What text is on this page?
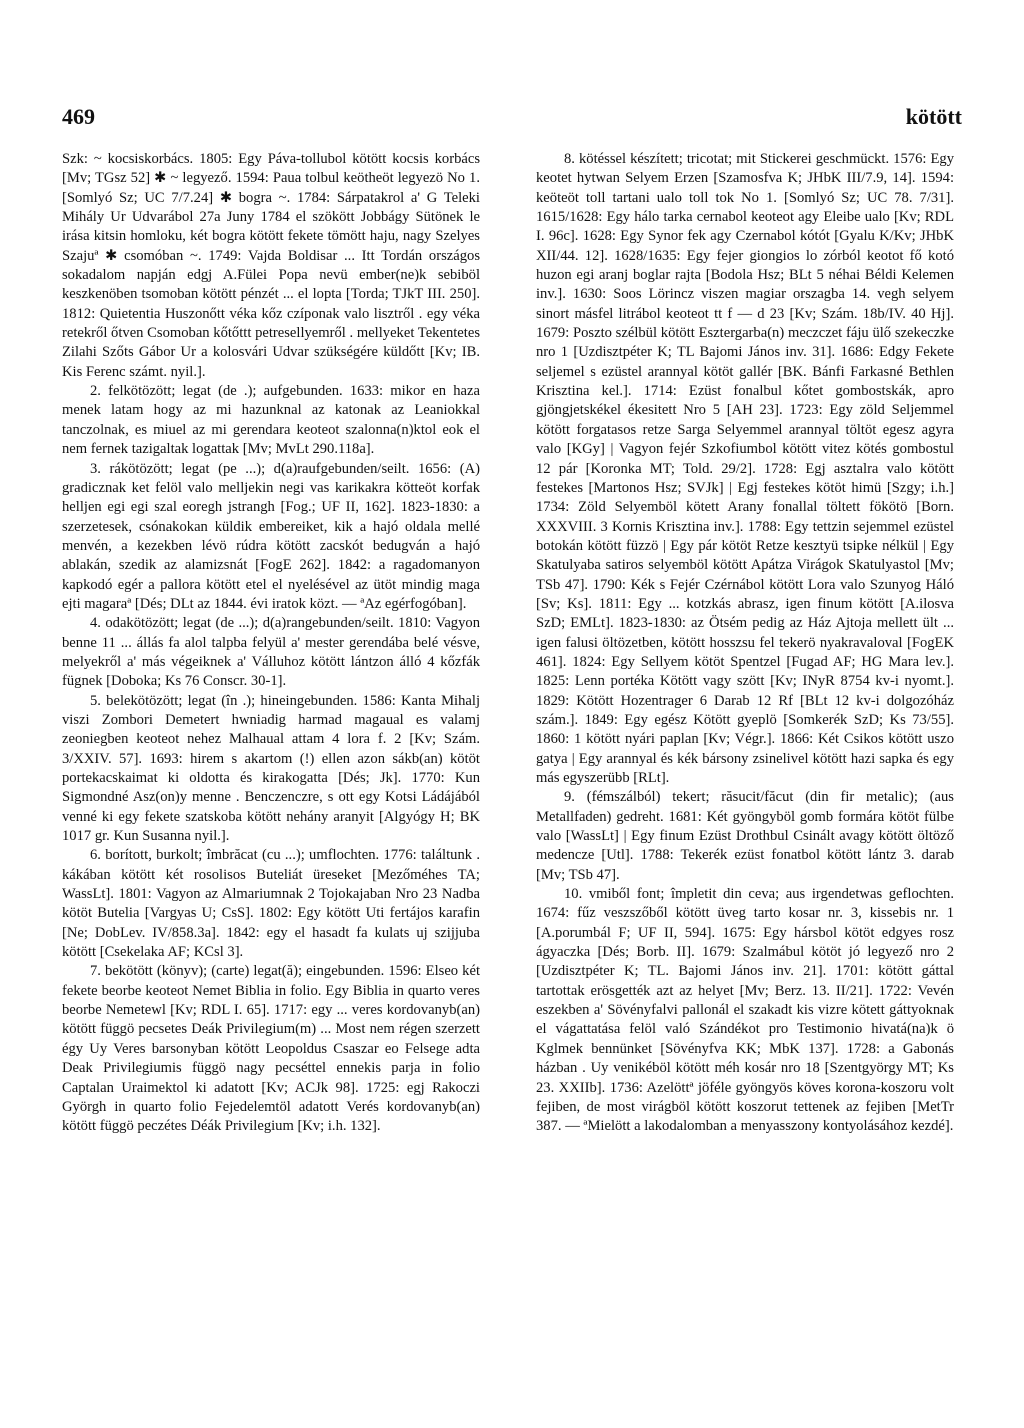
469	kötött

Szk: ~ kocsiskorbács. 1805: Egy Páva-tollubol kötött kocsis korbács [Mv; TGsz 52] ✱ ~ legyező. 1594: Paua tolbul keötheöt legyezö No 1. [Somlyó Sz; UC 7/7.24] ✱ bogra ~. 1784: Sárpatakrol a' G Teleki Mihály Ur Udvarábol 27a Juny 1784 el szökött Jobbágy Sütönek le irása kitsin homloku, két bogra kötött fekete tömött haju, nagy Szelyes Szajuª ✱ csomóban ~. 1749: Vajda Boldisar ... Itt Tordán országos sokadalom napján edgj A.Fülei Popa nevü ember(ne)k sebiböl keszkenöben tsomoban kötött pénzét ... el lopta [Torda; TJkT III. 250]. 1812: Quietentia Huszonőtt véka kőz czíponak valo lisztről . egy véka retekről őtven Csomoban kőtőttt petresellyemről . mellyeket Tekentetes Zilahi Szőts Gábor Ur a kolosvári Udvar szükségére küldőtt [Kv; IB. Kis Ferenc számt. nyil.].

2. felkötözött; legat (de .); aufgebunden. 1633: mikor en haza menek latam hogy az mi hazunknal az katonak az Leaniokkal tanczolnak, es miuel az mi gerendara keoteot szalonna(n)ktol eok el nem fernek tazigaltak logattak [Mv; MvLt 290.118a].

3. rákötözött; legat (pe ...); d(a)raufgebunden/seilt. 1656: (A) gradicznak ket felöl valo melljekin negi vas karikakra kötteöt korfak helljen egi egi szal eoregh jstrangh [Fog.; UF II, 162]. 1823-1830: a szerzetesek, csónakokan küldik embereiket, kik a hajó oldala mellé menvén, a kezekben lévö rúdra kötött zacskót bedugván a hajó ablakán, szedik az alamizsnát [FogE 262]. 1842: a ragadomanyon kapkodó egér a pallora kötött etel el nyelésével az ütöt mindig maga ejti magaraª [Dés; DLt az 1844. évi iratok közt. — ªAz egérfogóban].

4. odakötözött; legat (de ...); d(a)rangebunden/seilt. 1810: Vagyon benne 11 ... állás fa alol talpba felyül a' mester gerendába belé vésve, melyekről a' más végeiknek a' Válluhoz kötött lántzon álló 4 kőzfák fügnek [Doboka; Ks 76 Conscr. 30-1].

5. belekötözött; legat (în .); hineingebunden. 1586: Kanta Mihalj viszi Zombori Demetert hwniadig harmad magaual es valamj zeoniegben keoteot nehez Malhaual attam 4 lora f. 2 [Kv; Szám. 3/XXIV. 57]. 1693: hirem s akartom (!) ellen azon sákb(an) kötöt portekacskaimat ki oldotta és kirakogatta [Dés; Jk]. 1770: Kun Sigmondné Asz(on)y menne . Benczenczre, s ott egy Kotsi Ládájából venné ki egy fekete szatskoba kötött nehány aranyit [Algyógy H; BK 1017 gr. Kun Susanna nyil.].

6. borított, burkolt; îmbrăcat (cu ...); umflochten. 1776: találtunk . kákában kötött két rosolisos Buteliát üreseket [Mezőméhes TA; WassLt]. 1801: Vagyon az Almariumnak 2 Tojokajaban Nro 23 Nadba kötöt Butelia [Vargyas U; CsS]. 1802: Egy kötött Uti fertájos karafin [Ne; DobLev. IV/858.3a]. 1842: egy el hasadt fa kulats uj szijjuba kötött [Csekelaka AF; KCsl 3].

7. bekötött (könyv); (carte) legat(ă); eingebunden. 1596: Elseo két fekete beorbe keoteot Nemet Biblia in folio. Egy Biblia in quarto veres beorbe Nemetewl [Kv; RDL I. 65]. 1717: egy ... veres kordovanyb(an) kötött függö pecsetes Deák Privilegium(m) ... Most nem régen szerzett égy Uy Veres barsonyban kötött Leopoldus Csaszar eo Felsege adta Deak Privilegiumis függö nagy pecséttel ennekis parja in folio Captalan Uraimektol ki adatott [Kv; ACJk 98]. 1725: egj Rakoczi Györgh in quarto folio Fejedelemtöl adatott Verés kordovanyb(an) kötött függö peczétes Déák Privilegium [Kv; i.h. 132].

8. kötéssel készített; tricotat; mit Stickerei geschmückt. 1576: Egy keotet hytwan Selyem Erzen [Szamosfva K; JHbK III/7.9, 14]. 1594: keöteöt toll tartani ualo toll tok No 1. [Somlyó Sz; UC 78. 7/31]. 1615/1628: Egy hálo tarka cernabol keoteot agy Eleibe ualo [Kv; RDL I. 96c]. 1628: Egy Synor fek agy Czernabol kótót [Gyalu K/Kv; JHbK XII/44. 12]. 1628/1635: Egy fejer giongios lo zórból keotot fő kotó huzon egi aranj boglar rajta [Bodola Hsz; BLt 5 néhai Béldi Kelemen inv.]. 1630: Soos Lörincz viszen magiar orszagba 14. vegh selyem sinort másfel litrábol keoteot tt f — d 23 [Kv; Szám. 18b/IV. 40 Hj]. 1679: Poszto szélbül kötött Esztergarba(n) meczczet fáju ülő szekeczke nro 1 [Uzdisztpéter K; TL Bajomi János inv. 31]. 1686: Edgy Fekete seljemel s ezüstel arannyal kötöt gallér [BK. Bánfi Farkasné Bethlen Krisztina kel.]. 1714: Ezüst fonalbul kőtet gombostskák, apro gjöngjetskékel ékesitett Nro 5 [AH 23]. 1723: Egy zöld Seljemmel kötött forgatasos retze Sarga Selyemmel arannyal töltöt egesz agyra valo [KGy] | Vagyon fejér Szkofiumbol kötött vitez kötés gombostul 12 pár [Koronka MT; Told. 29/2]. 1728: Egj asztalra valo kötött festekes [Martonos Hsz; SVJk] | Egj festekes kötöt himü [Szgy; i.h.] 1734: Zöld Selyemböl kötett Arany fonallal töltett fökötö [Born. XXXVIII. 3 Kornis Krisztina inv.]. 1788: Egy tettzin sejemmel ezüstel botokán kötött füzzö | Egy pár kötöt Retze kesztyü tsipke nélkül | Egy Skatulyaba satiros selyemböl kötött Apátza Virágok Skatulyastol [Mv; TSb 47]. 1790: Kék s Fejér Czérnábol kötött Lora valo Szunyog Háló [Sv; Ks]. 1811: Egy ... kotzkás abrasz, igen finum kötött [A.ilosva SzD; EMLt]. 1823-1830: az Ötsém pedig az Ház Ajtoja mellett ült ... igen falusi öltözetben, kötött hosszsu fel tekerö nyakravaloval [FogEK 461]. 1824: Egy Sellyem kötöt Spentzel [Fugad AF; HG Mara lev.]. 1825: Lenn portéka Kötött vagy szött [Kv; INyR 8754 kv-i nyomt.]. 1829: Kötött Hozentrager 6 Darab 12 Rf [BLt 12 kv-i dolgozóház szám.]. 1849: Egy egész Kötött gyeplö [Somkerék SzD; Ks 73/55]. 1860: 1 kötött nyári paplan [Kv; Végr.]. 1866: Két Csikos kötött uszo gatya | Egy arannyal és kék bársony zsinelivel kötött hazi sapka és egy más egyszerübb [RLt].

9. (fémszálból) tekert; răsucit/făcut (din fir metalic); (aus Metallfaden) gedreht. 1681: Két gyöngyböl gomb formára kötöt fülbe valo [WassLt] | Egy finum Ezüst Drothbul Csinált avagy kötött öltöző medencze [Utl]. 1788: Tekerék ezüst fonatbol kötött lántz 3. darab [Mv; TSb 47].

10. vmiből font; împletit din ceva; aus irgendetwas geflochten. 1674: fűz veszszőből kötött üveg tarto kosar nr. 3, kissebis nr. 1 [A.porumbál F; UF II, 594]. 1675: Egy hársbol kötöt edgyes rosz ágyaczka [Dés; Borb. II]. 1679: Szalmábul kötöt jó legyező nro 2 [Uzdisztpéter K; TL. Bajomi János inv. 21]. 1701: kötött gáttal tartottak erösgették azt az helyet [Mv; Berz. 13. II/21]. 1722: Vevén eszekben a' Sövényfalvi pallonál el szakadt kis vizre kötett gáttyoknak el vágattatása felöl való Szándékot pro Testimonio hivatá(na)k ö Kglmek bennünket [Sövényfva KK; MbK 137]. 1728: a Gabonás házban . Uy venikéböl kötött méh kosár nro 18 [Szentgyörgy MT; Ks 23. XXIIb]. 1736: Azelöttª jöféle gyöngyös köves korona-koszoru volt fejiben, de most virágböl kötött koszorut tettenek az fejiben [MetTr 387. — ªMielött a lakodalomban a menyasszony kontyolásához kezdé].
